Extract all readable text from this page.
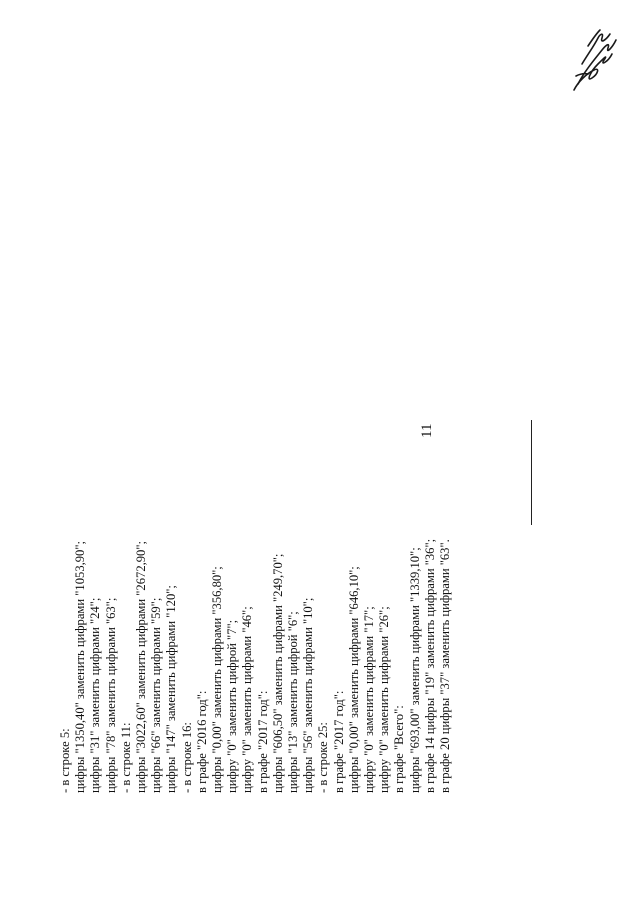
11
- в строке 5: цифры "1350,40" заменить цифрами "1053,90"; цифры "31" заменить цифрами "24"; цифры "78" заменить цифрами "63"; - в строке 11: цифры "3022,60" заменить цифрами "2672,90"; цифры "66" заменить цифрами "59"; цифры "147" заменить цифрами "120"; - в строке 16: в графе "2016 год": цифры "0,00" заменить цифрами "356,80"; цифру "0" заменить цифрой "7"; цифру "0" заменить цифрами "46"; в графе "2017 год": цифры "606,50" заменить цифрами "249,70"; цифры "13" заменить цифрой "6"; цифры "56" заменить цифрами "10"; - в строке 25: в графе "2017 год": цифры "0,00" заменить цифрами "646,10"; цифру "0" заменить цифрами "17"; цифру "0" заменить цифрами "26"; в графе "Всего": цифры "693,00" заменить цифрами "1339,10"; в графе 14 цифры "19" заменить цифрами "36"; в графе 20 цифры "37" заменить цифрами "63".
